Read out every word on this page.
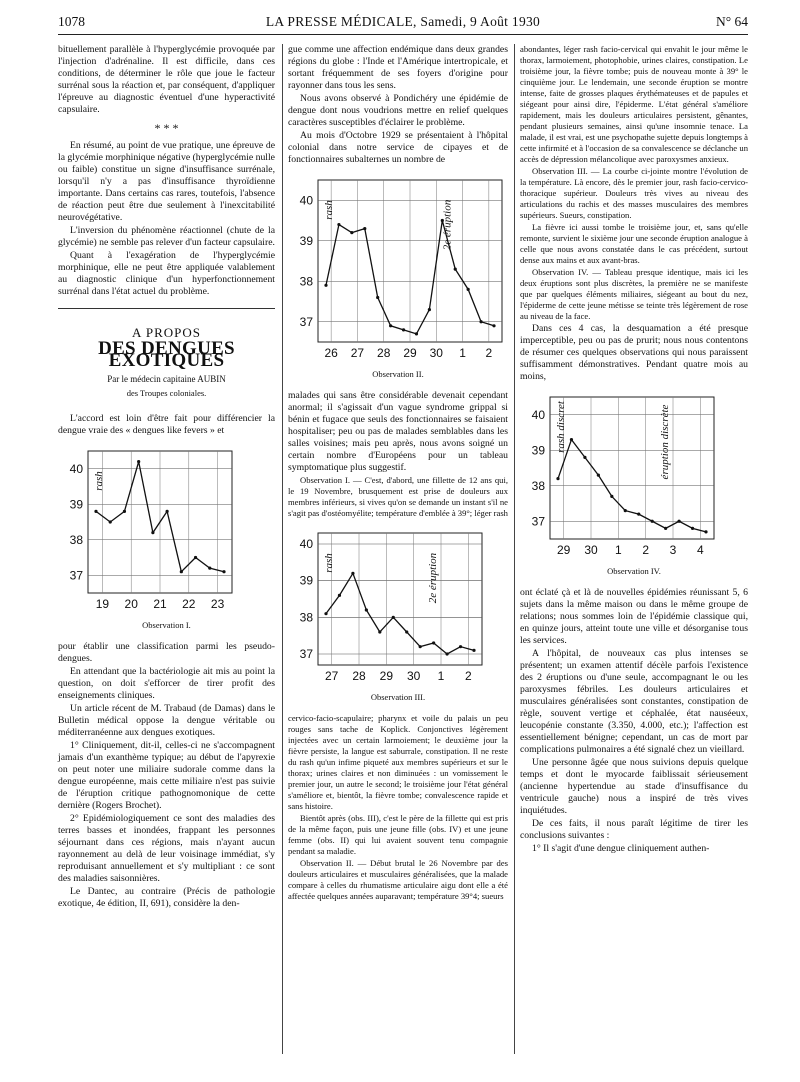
1078	LA PRESSE MÉDICALE, Samedi, 9 Août 1930	N° 64

bituellement parallèle à l'hyperglycémie provoquée par l'injection d'adrénaline. Il est difficile, dans ces conditions, de déterminer le rôle que joue le facteur surrénal sous la réaction et, par conséquent, d'appliquer l'épreuve au diagnostic éventuel d'une hyperactivité capsulaire.

* * *

En résumé, au point de vue pratique, une épreuve de la glycémie morphinique négative (hyperglycémie nulle ou faible) constitue un signe d'insuffisance surrénale, lorsqu'il n'y a pas d'insuffisance thyroïdienne importante. Dans certains cas rares, toutefois, l'absence de réaction peut être due seulement à l'inexcitabilité neurovégétative.

L'inversion du phénomène réactionnel (chute de la glycémie) ne semble pas relever d'un facteur capsulaire.

Quant à l'exagération de l'hyperglycémie morphinique, elle ne peut être appliquée valablement au diagnostic clinique d'un hyperfonctionnement surrénal dans l'état actuel du problème.

A PROPOS
DES DENGUES EXOTIQUES
Par le médecin capitaine AUBIN
des Troupes coloniales.

L'accord est loin d'être fait pour différencier la dengue vraie des « dengues like fevers » et

37
38
39
40
19 20 21 22 23
rash
Observation I.

pour établir une classification parmi les pseudo-dengues.

En attendant que la bactériologie ait mis au point la question, on doit s'efforcer de tirer profit des enseignements cliniques.

Un article récent de M. Trabaud (de Damas) dans le Bulletin médical oppose la dengue véritable ou méditerranéenne aux dengues exotiques.

1° Cliniquement, dit-il, celles-ci ne s'accompagnent jamais d'un exanthème typique; au début de l'apyrexie on peut noter une miliaire sudorale comme dans la dengue européenne, mais cette miliaire n'est pas suivie de l'éruption critique pathognomonique de cette dernière (Rogers Brochet).

2° Epidémiologiquement ce sont des maladies des terres basses et inondées, frappant les personnes séjournant dans ces régions, mais n'ayant aucun rayonnement au delà de leur voisinage immédiat, s'y reproduisant annuellement et s'y multipliant : ce sont des maladies saisonnières.

Le Dantec, au contraire (Précis de pathologie exotique, 4e édition, II, 691), considère la den-

gue comme une affection endémique dans deux grandes régions du globe : l'Inde et l'Amérique intertropicale, et sortant fréquemment de ses foyers d'origine pour rayonner dans tous les sens.

Nous avons observé à Pondichéry une épidémie de dengue dont nous voudrions mettre en relief quelques caractères susceptibles d'éclairer le problème.

Au mois d'Octobre 1929 se présentaient à l'hôpital colonial dans notre service de cipayes et de fonctionnaires subalternes un nombre de

37
38
39
40
26 27 28 29 30 1 2
rash	2e éruption
Observation II.

malades qui sans être considérable devenait cependant anormal; il s'agissait d'un vague syndrome grippal si bénin et fugace que seuls des fonctionnaires se faisaient hospitaliser; peu ou pas de malades semblables dans les salles voisines; mais peu après, nous avons soigné un certain nombre d'Européens pour un tableau symptomatique plus suggestif.

Observation I. — C'est, d'abord, une fillette de 12 ans qui, le 19 Novembre, brusquement est prise de douleurs aux membres inférieurs, si vives qu'on se demande un instant s'il ne s'agit pas d'ostéomyélite; température d'emblée à 39°; léger rash

37
38
39
40
27 28 29 30 1 2
rash	2e éruption
Observation III.

cervico-facio-scapulaire; pharynx et voile du palais un peu rouges sans tache de Koplick. Conjonctives légèrement injectées avec un certain larmoiement; le deuxième jour la fièvre persiste, la langue est saburrale, constipation. Il ne reste du rash qu'un infime piqueté aux membres supérieurs et sur le thorax; urines claires et non diminuées : un vomissement le premier jour, un autre le second; le troisième jour l'état général s'améliore et, bientôt, la fièvre tombe; convalescence rapide et sans histoire.

Bientôt après (obs. III), c'est le père de la fillette qui est pris de la même façon, puis une jeune fille (obs. IV) et une jeune femme (obs. II) qui lui avaient souvent tenu compagnie pendant sa maladie.

Observation II. — Début brutal le 26 Novembre par des douleurs articulaires et musculaires généralisées, que la malade compare à celles du rhumatisme articulaire aigu dont elle a été affectée quelques années auparavant; température 39°4; sueurs

abondantes, léger rash facio-cervical qui envahit le jour même le thorax, larmoiement, photophobie, urines claires, constipation. Le troisième jour, la fièvre tombe; puis de nouveau monte à 39° le cinquième jour. Le lendemain, une seconde éruption se montre intense, faite de grosses plaques érythémateuses et de papules et siégeant pour ainsi dire, l'épiderme. L'état général s'améliore rapidement, mais les douleurs articulaires persistent, gênantes, pendant plusieurs semaines, ainsi qu'une insomnie tenace. La malade, il est vrai, est une psychopathe sujette depuis longtemps à cette infirmité et à l'occasion de sa convalescence se déclanche un accès de dépression mélancolique avec paroxysmes anxieux.

Observation III. — La courbe ci-jointe montre l'évolution de la température. Là encore, dès le premier jour, rash facio-cervico-thoracique supérieur. Douleurs très vives au niveau des articulations du rachis et des masses musculaires des membres supérieurs. Sueurs, constipation.

La fièvre ici aussi tombe le troisième jour, et, sans qu'elle remonte, survient le sixième jour une seconde éruption analogue à celle que nous avons constatée dans le cas précédent, surtout dense aux mains et aux avant-bras.

Observation IV. — Tableau presque identique, mais ici les deux éruptions sont plus discrètes, la première ne se manifeste que par quelques éléments miliaires, siégeant au bout du nez, l'épiderme de cette jeune métisse se teinte très légèrement de rose au niveau de la face.

Dans ces 4 cas, la desquamation a été presque imperceptible, peu ou pas de prurit; nous nous contentons de résumer ces quelques observations qui nous paraissent suffisamment démonstratives. Pendant quatre mois au moins,

37
38
39
40
29 30 1 2 3 4
rash discret	éruption discrète
Observation IV.

ont éclaté çà et là de nouvelles épidémies réunissant 5, 6 sujets dans la même maison ou dans le même groupe de relations; nous sommes loin de l'épidémie classique qui, en quinze jours, atteint toute une ville et désorganise tous les services.

A l'hôpital, de nouveaux cas plus intenses se présentent; un examen attentif décèle parfois l'existence des 2 éruptions ou d'une seule, accompagnant le ou les paroxysmes fébriles. Les douleurs articulaires et musculaires généralisées sont constantes, constipation de règle, souvent vertige et céphalée, état nauséeux, leucopénie constante (3.350, 4.000, etc.); l'affection est essentiellement bénigne; cependant, un cas de mort par complications pulmonaires a été signalé chez un vieillard.

Une personne âgée que nous suivions depuis quelque temps et dont le myocarde faiblissait sérieusement (ancienne hypertendue au stade d'insuffisance du ventricule gauche) nous a inspiré de très vives inquiétudes.

De ces faits, il nous paraît légitime de tirer les conclusions suivantes :

1° Il s'agit d'une dengue cliniquement authen-
